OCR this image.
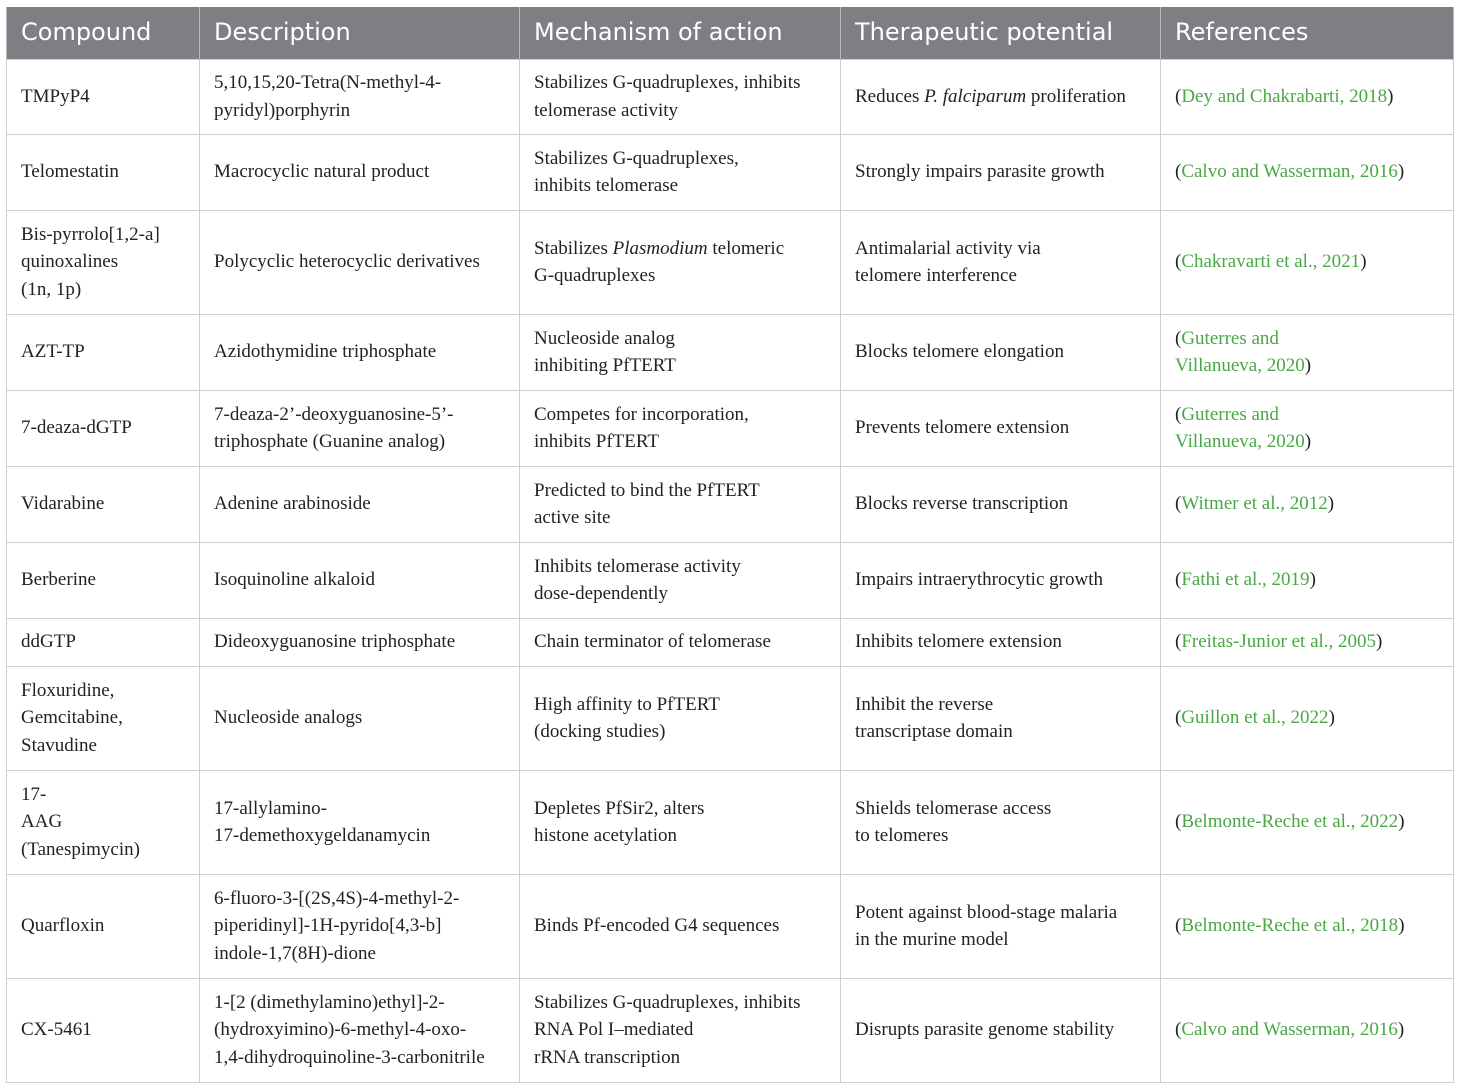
Compound	Description	Mechanism of action	Therapeutic potential	References
TMPyP4	5,10,15,20-Tetra(N-methyl-4-
pyridyl)porphyrin	Stabilizes G-quadruplexes, inhibits
telomerase activity	Reduces P. falciparum proliferation	(Dey and Chakrabarti, 2018)
Telomestatin	Macrocyclic natural product	Stabilizes G-quadruplexes,
inhibits telomerase	Strongly impairs parasite growth	(Calvo and Wasserman, 2016)
Bis-pyrrolo[1,2-a]
quinoxalines
(1n, 1p)	Polycyclic heterocyclic derivatives	Stabilizes Plasmodium telomeric
G-quadruplexes	Antimalarial activity via
telomere interference	(Chakravarti et al., 2021)
AZT-TP	Azidothymidine triphosphate	Nucleoside analog
inhibiting PfTERT	Blocks telomere elongation	(Guterres and
Villanueva, 2020)
7-deaza-dGTP	7-deaza-2’-deoxyguanosine-5’-
triphosphate (Guanine analog)	Competes for incorporation,
inhibits PfTERT	Prevents telomere extension	(Guterres and
Villanueva, 2020)
Vidarabine	Adenine arabinoside	Predicted to bind the PfTERT
active site	Blocks reverse transcription	(Witmer et al., 2012)
Berberine	Isoquinoline alkaloid	Inhibits telomerase activity
dose-dependently	Impairs intraerythrocytic growth	(Fathi et al., 2019)
ddGTP	Dideoxyguanosine triphosphate	Chain terminator of telomerase	Inhibits telomere extension	(Freitas-Junior et al., 2005)
Floxuridine,
Gemcitabine,
Stavudine	Nucleoside analogs	High affinity to PfTERT
(docking studies)	Inhibit the reverse
transcriptase domain	(Guillon et al., 2022)
17-
AAG
(Tanespimycin)	17-allylamino-
17-demethoxygeldanamycin	Depletes PfSir2, alters
histone acetylation	Shields telomerase access
to telomeres	(Belmonte-Reche et al., 2022)
Quarfloxin	6-fluoro-3-[(2S,4S)-4-methyl-2-
piperidinyl]-1H-pyrido[4,3-b]
indole-1,7(8H)-dione	Binds Pf-encoded G4 sequences	Potent against blood-stage malaria
in the murine model	(Belmonte-Reche et al., 2018)
CX-5461	1-[2 (dimethylamino)ethyl]-2-
(hydroxyimino)-6-methyl-4-oxo-
1,4-dihydroquinoline-3-carbonitrile	Stabilizes G-quadruplexes, inhibits
RNA Pol I–mediated
rRNA transcription	Disrupts parasite genome stability	(Calvo and Wasserman, 2016)
